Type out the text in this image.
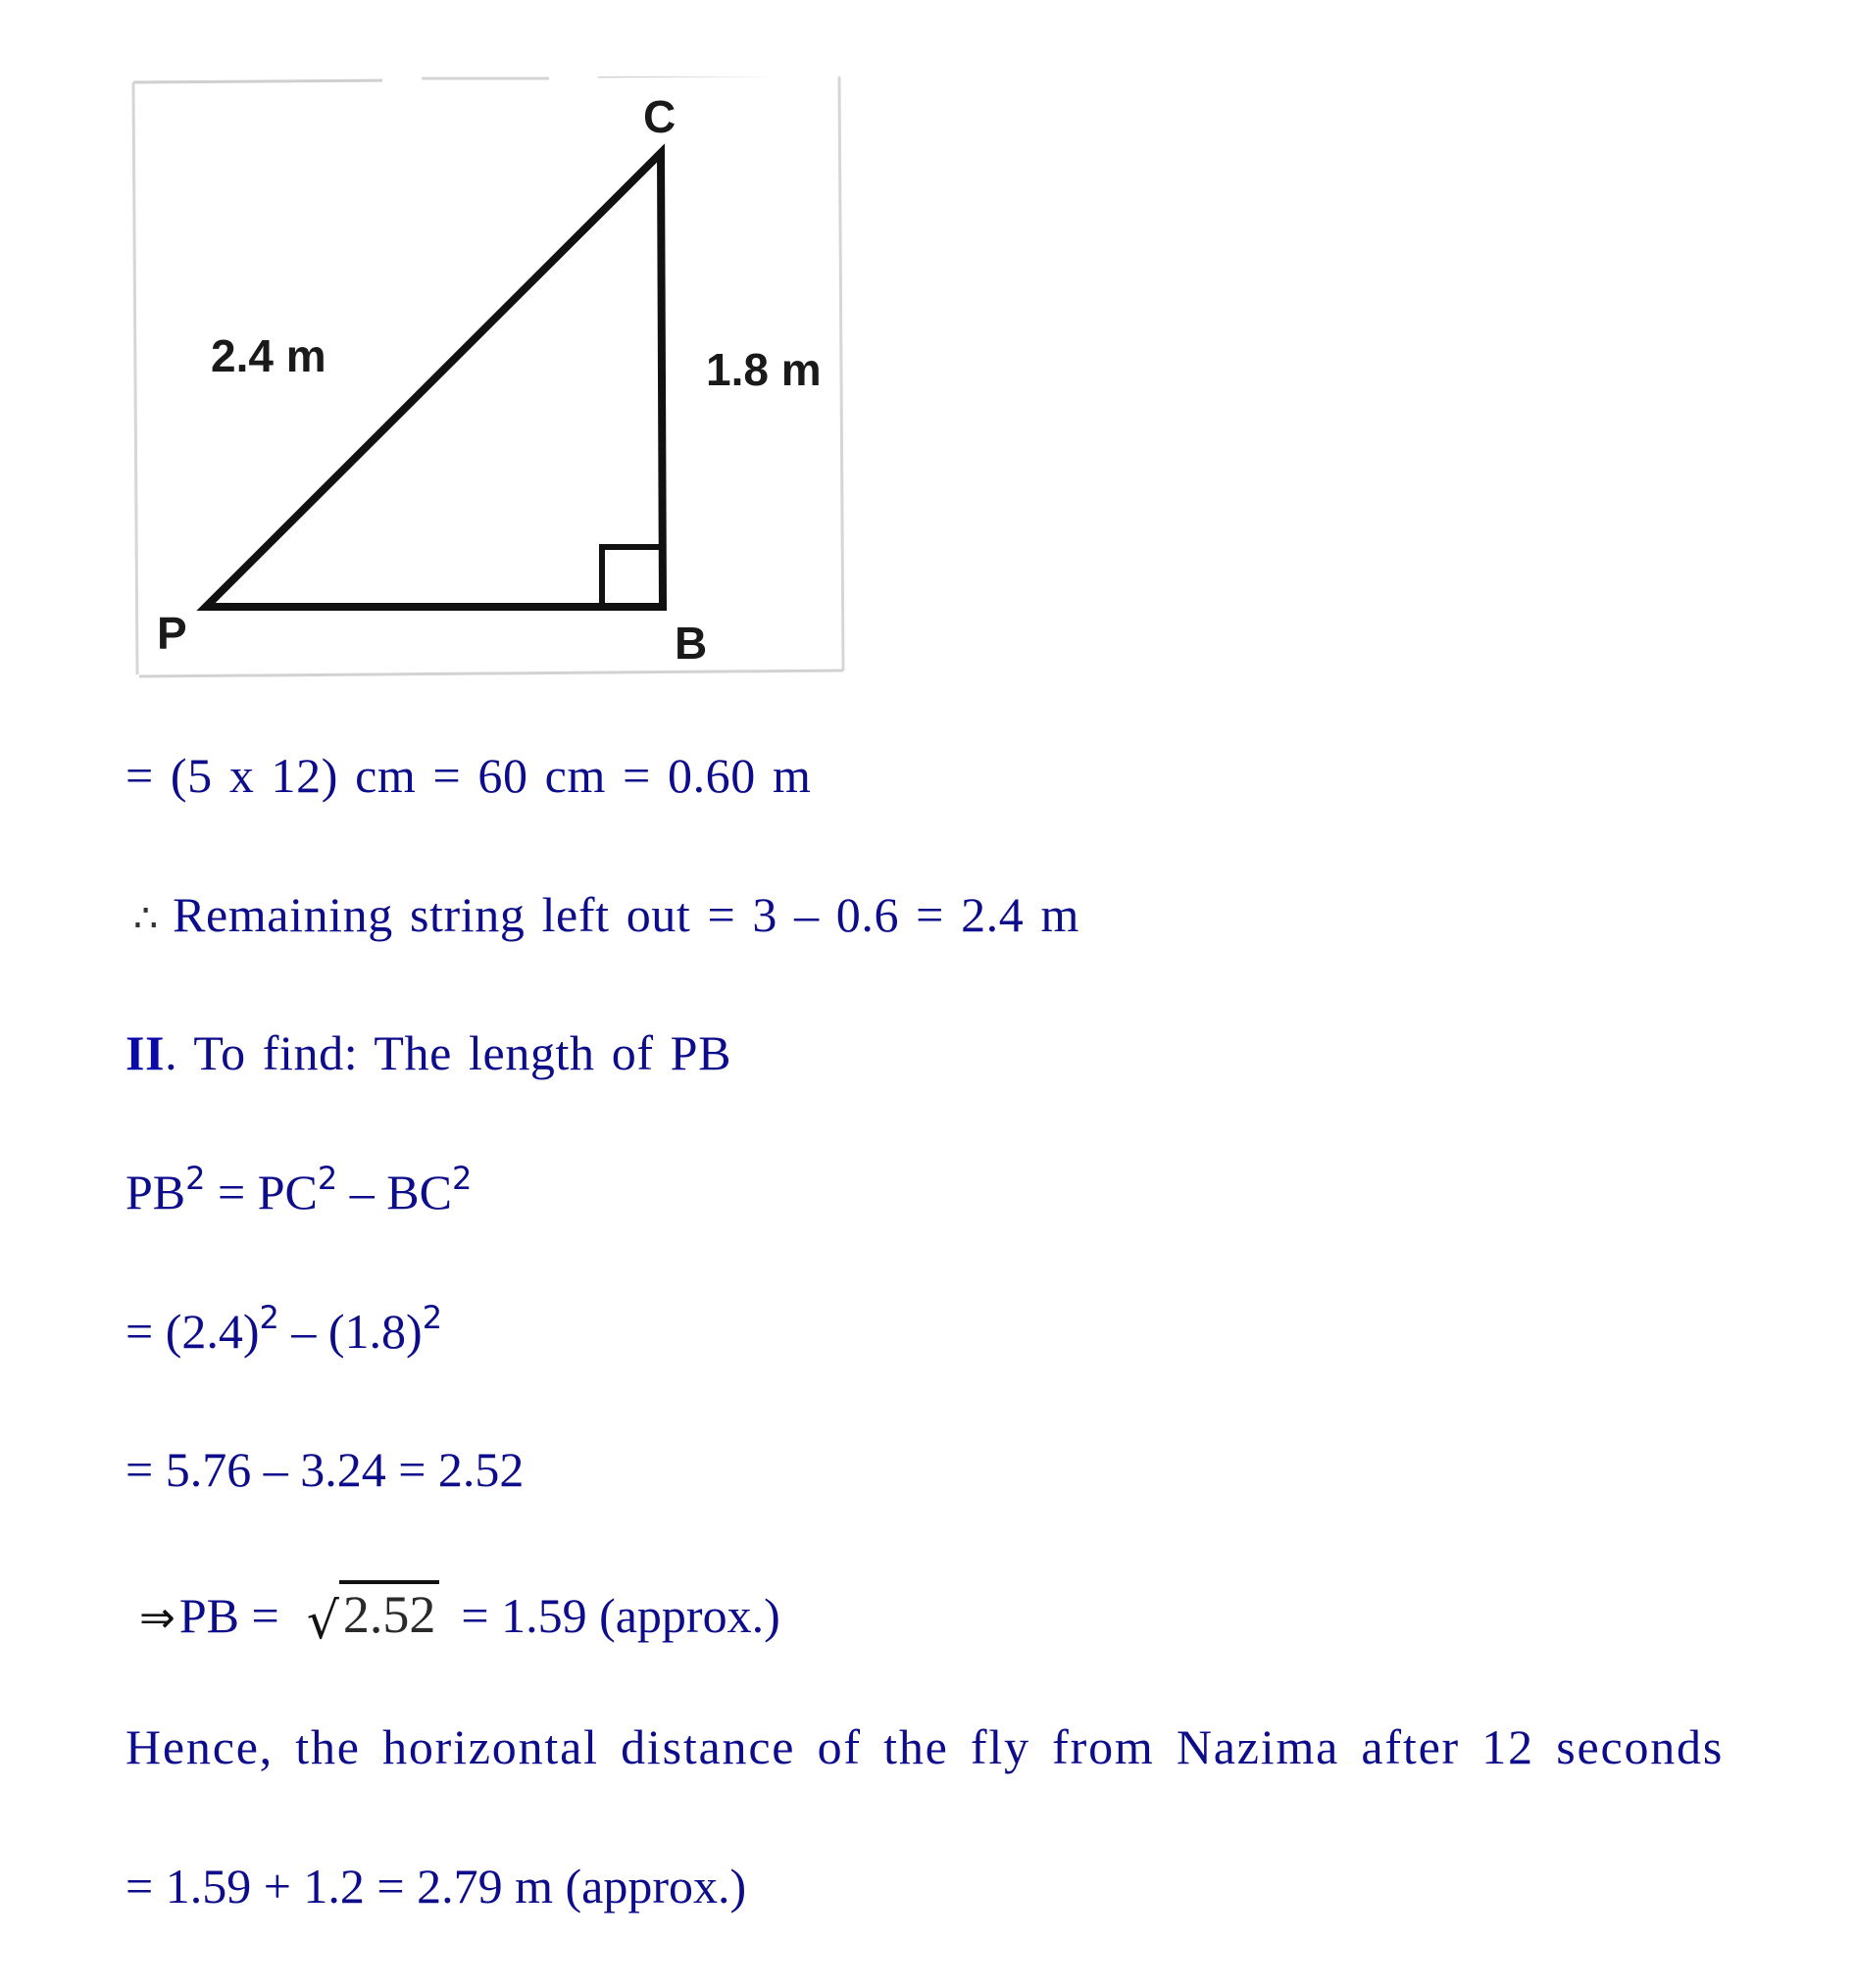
C
P	B
2.4 m	1.8 m
= (5 x 12) cm = 60 cm = 0.60 m
∴ Remaining string left out = 3 – 0.6 = 2.4 m
II. To find: The length of PB
$PB^2 = PC^2 - BC^2$
= $(2.4)^2 - (1.8)^2$
= 5.76 – 3.24 = 2.52
⇒PB = √2.52 = 1.59 (approx.)
Hence, the horizontal distance of the fly from Nazima after 12 seconds
= 1.59 + 1.2 = 2.79 m (approx.)
